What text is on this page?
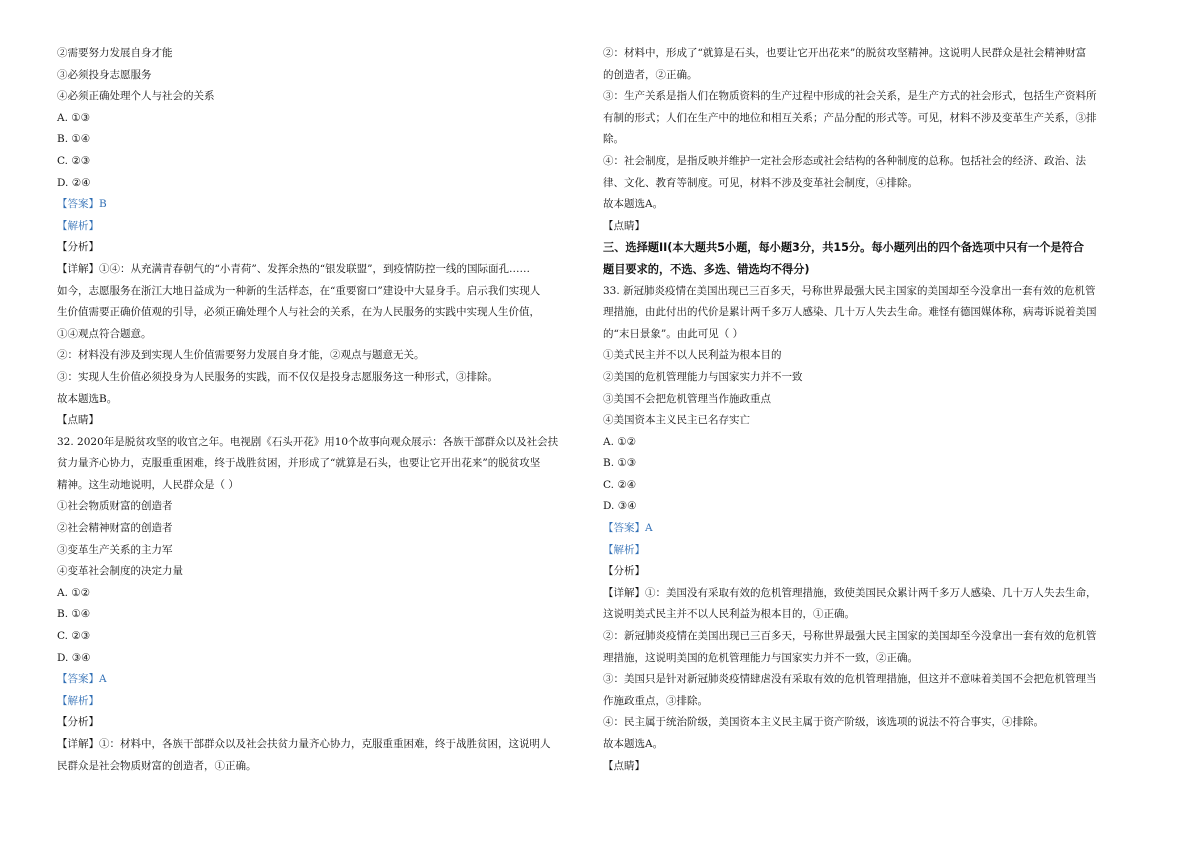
②需要努力发展自身才能
③必须投身志愿服务
④必须正确处理个人与社会的关系
A. ①③
B. ①④
C. ②③
D. ②④
【答案】B
【解析】
【分析】
【详解】①④：从充满青春朝气的“小青荷”、发挥余热的“银发联盟”，到疫情防控一线的国际面孔……
如今，志愿服务在浙江大地日益成为一种新的生活样态，在“重要窗口”建设中大显身手。启示我们实现人
生价值需要正确价值观的引导，必须正确处理个人与社会的关系，在为人民服务的实践中实现人生价值，
①④观点符合题意。
②：材料没有涉及到实现人生价值需要努力发展自身才能，②观点与题意无关。
③：实现人生价值必须投身为人民服务的实践，而不仅仅是投身志愿服务这一种形式，③排除。
故本题选B。
【点睛】
32. 2020年是脱贫攻坚的收官之年。电视剧《石头开花》用10个故事向观众展示：各族干部群众以及社会扶
贫力量齐心协力，克服重重困难，终于战胜贫困，并形成了“就算是石头，也要让它开出花来”的脱贫攻坚
精神。这生动地说明，人民群众是（ ）
①社会物质财富的创造者
②社会精神财富的创造者
③变革生产关系的主力军
④变革社会制度的决定力量
A. ①②
B. ①④
C. ②③
D. ③④
【答案】A
【解析】
【分析】
【详解】①：材料中，各族干部群众以及社会扶贫力量齐心协力，克服重重困难，终于战胜贫困，这说明人
民群众是社会物质财富的创造者，①正确。
②：材料中，形成了“就算是石头，也要让它开出花来”的脱贫攻坚精神。这说明人民群众是社会精神财富
的创造者，②正确。
③：生产关系是指人们在物质资料的生产过程中形成的社会关系，是生产方式的社会形式，包括生产资料所
有制的形式；人们在生产中的地位和相互关系；产品分配的形式等。可见，材料不涉及变革生产关系，③排
除。
④：社会制度，是指反映并维护一定社会形态或社会结构的各种制度的总称。包括社会的经济、政治、法
律、文化、教育等制度。可见，材料不涉及变革社会制度，④排除。
故本题选A。
【点睛】
三、选择题II(本大题共5小题，每小题3分，共15分。每小题列出的四个备选项中只有一个是符合
题目要求的，不选、多选、错选均不得分)
33. 新冠肺炎疫情在美国出现已三百多天，号称世界最强大民主国家的美国却至今没拿出一套有效的危机管
理措施，由此付出的代价是累计两千多万人感染、几十万人失去生命。难怪有德国媒体称，病毒诉说着美国
的“末日景象”。由此可见（ ）
①美式民主并不以人民利益为根本目的
②美国的危机管理能力与国家实力并不一致
③美国不会把危机管理当作施政重点
④美国资本主义民主已名存实亡
A. ①②
B. ①③
C. ②④
D. ③④
【答案】A
【解析】
【分析】
【详解】①：美国没有采取有效的危机管理措施，致使美国民众累计两千多万人感染、几十万人失去生命，
这说明美式民主并不以人民利益为根本目的，①正确。
②：新冠肺炎疫情在美国出现已三百多天，号称世界最强大民主国家的美国却至今没拿出一套有效的危机管
理措施，这说明美国的危机管理能力与国家实力并不一致，②正确。
③：美国只是针对新冠肺炎疫情肆虐没有采取有效的危机管理措施，但这并不意味着美国不会把危机管理当
作施政重点，③排除。
④：民主属于统治阶级，美国资本主义民主属于资产阶级，该选项的说法不符合事实，④排除。
故本题选A。
【点睛】
